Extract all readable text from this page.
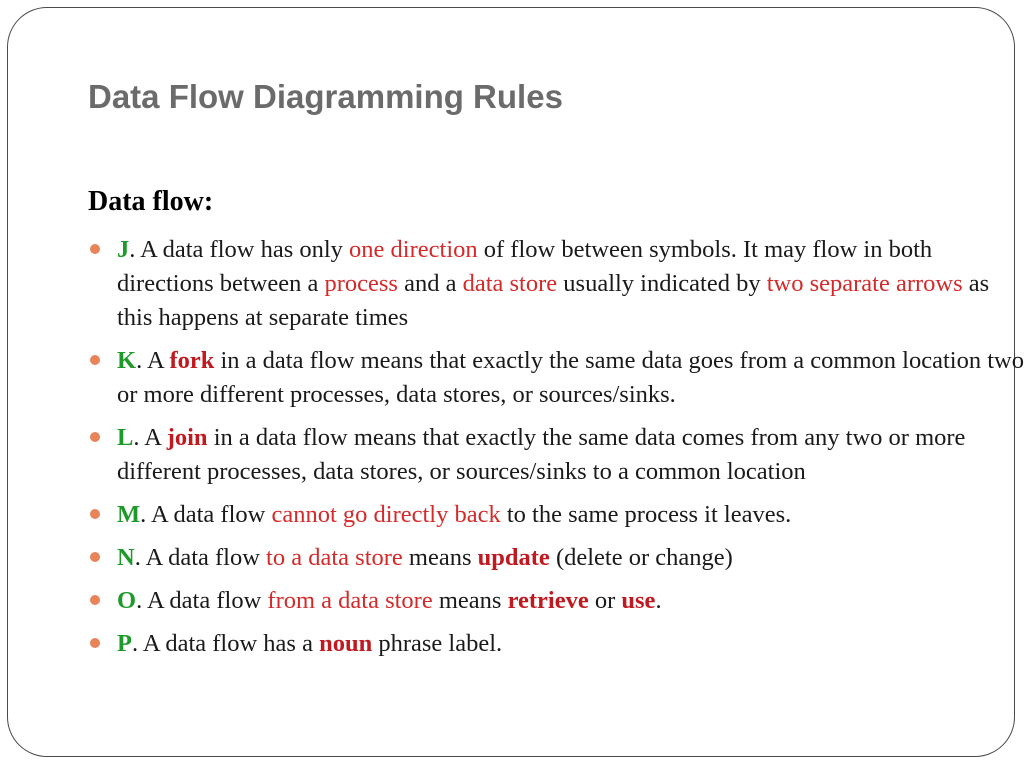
Data Flow Diagramming Rules
Data flow:
J. A data flow has only one direction of flow between symbols. It may flow in both directions between a process and a data store usually indicated by two separate arrows as this happens at separate times
K. A fork in a data flow means that exactly the same data goes from a common location two or more different processes, data stores, or sources/sinks.
L. A join in a data flow means that exactly the same data comes from any two or more different processes, data stores, or sources/sinks to a common location
M. A data flow cannot go directly back to the same process it leaves.
N. A data flow to a data store means update (delete or change)
O. A data flow from a data store means retrieve or use.
P. A data flow has a noun phrase label.
